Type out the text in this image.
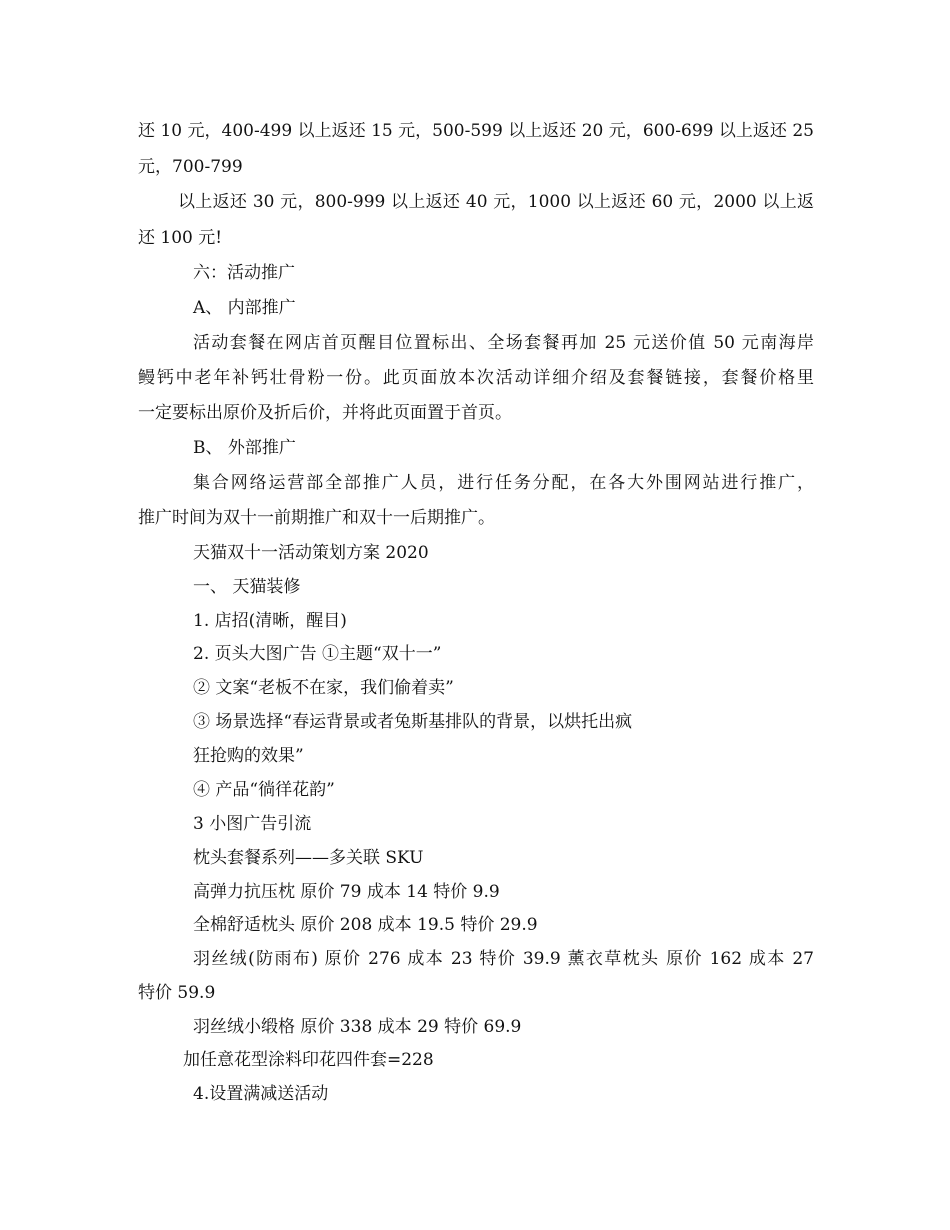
还 10 元，400-499 以上返还 15 元，500-599 以上返还 20 元，600-699 以上返还 25
元，700-799
以上返还 30 元，800-999 以上返还 40 元，1000 以上返还 60 元，2000 以上返
还 100 元!
六：活动推广
A、 内部推广
活动套餐在网店首页醒目位置标出、全场套餐再加 25 元送价值 50 元南海岸
鳗钙中老年补钙壮骨粉一份。此页面放本次活动详细介绍及套餐链接，套餐价格里
一定要标出原价及折后价，并将此页面置于首页。
B、 外部推广
集合网络运营部全部推广人员，进行任务分配，在各大外围网站进行推广，
推广时间为双十一前期推广和双十一后期推广。
天猫双十一活动策划方案 2020
一、 天猫装修
1. 店招(清晰，醒目)
2. 页头大图广告 ①主题“双十一”
② 文案“老板不在家，我们偷着卖”
③ 场景选择“春运背景或者兔斯基排队的背景，以烘托出疯
狂抢购的效果”
④ 产品“徜徉花韵”
3 小图广告引流
枕头套餐系列——多关联 SKU
高弹力抗压枕 原价 79 成本 14 特价 9.9
全棉舒适枕头 原价 208 成本 19.5 特价 29.9
羽丝绒(防雨布) 原价 276 成本 23 特价 39.9 薰衣草枕头 原价 162 成本 27
特价 59.9
羽丝绒小缎格 原价 338 成本 29 特价 69.9
加任意花型涂料印花四件套=228
4.设置满减送活动
